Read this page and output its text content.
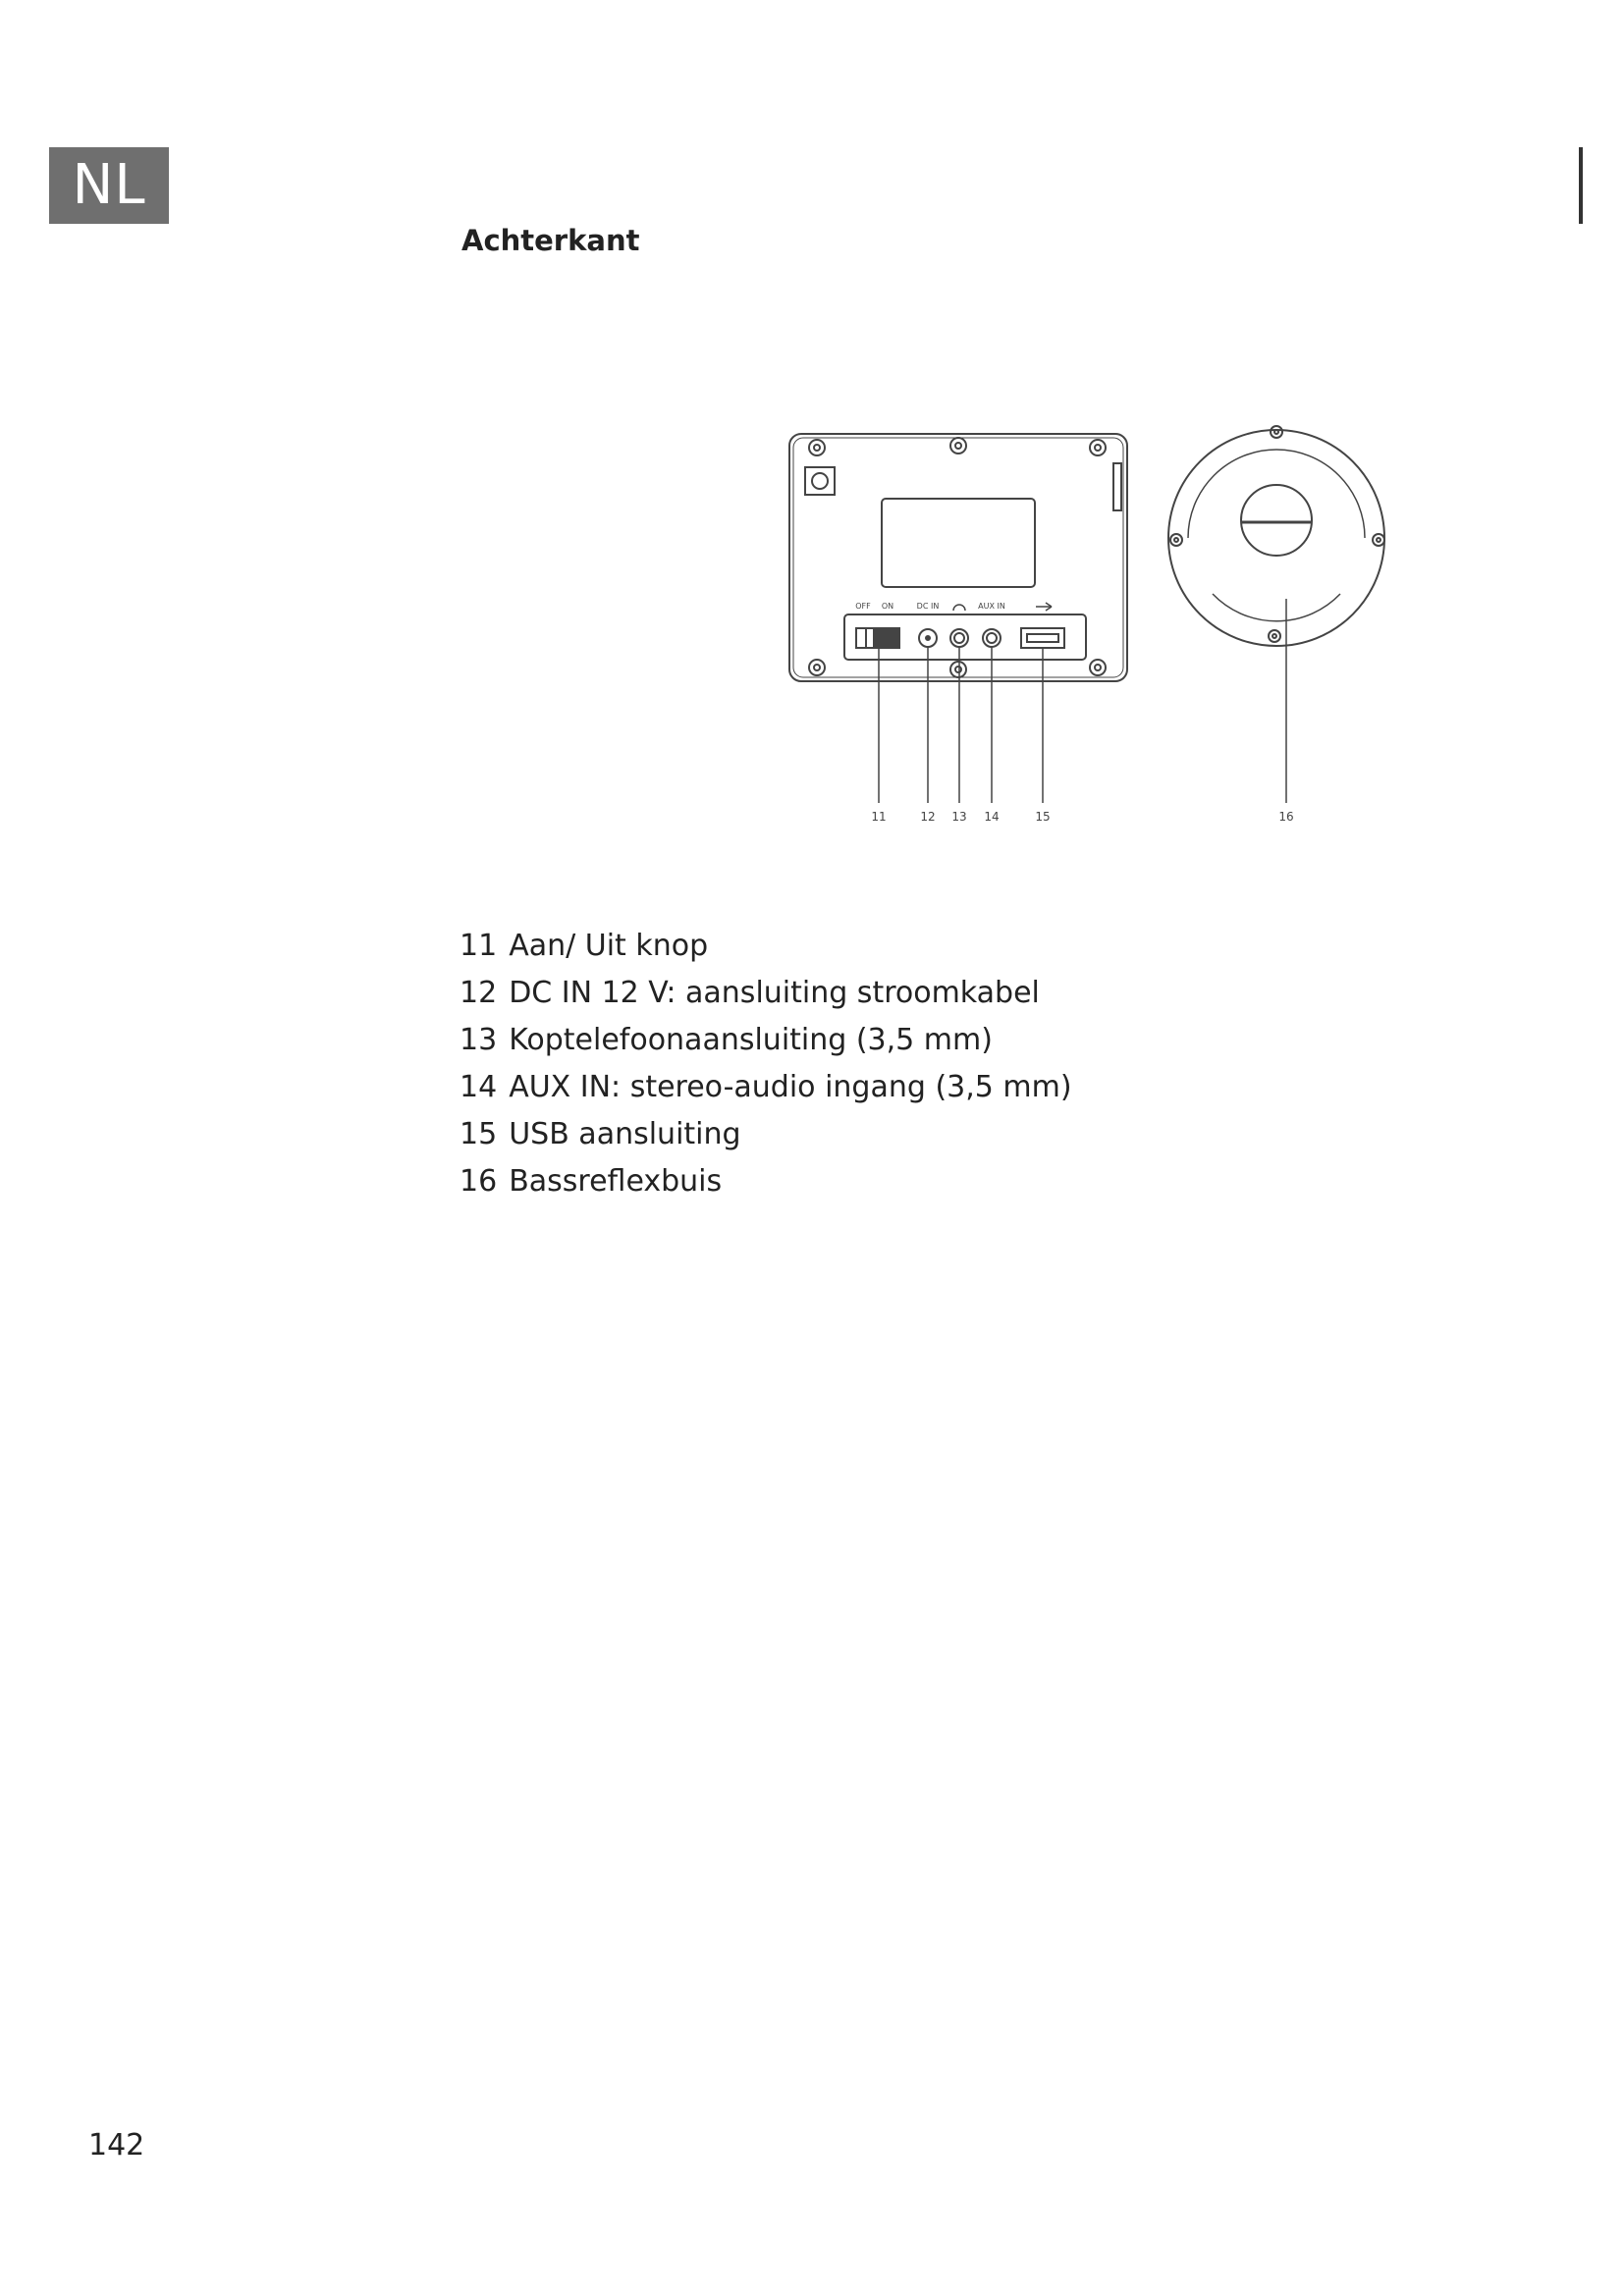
NL
Achterkant
OFF ON	DC IN	AUX IN
11	12 13 14	15	16
11 Aan/ Uit knop
12 DC IN 12 V: aansluiting stroomkabel
13 Koptelefoonaansluiting (3,5 mm)
14 AUX IN: stereo-audio ingang (3,5 mm)
15 USB aansluiting
16 Bassreflexbuis
142
